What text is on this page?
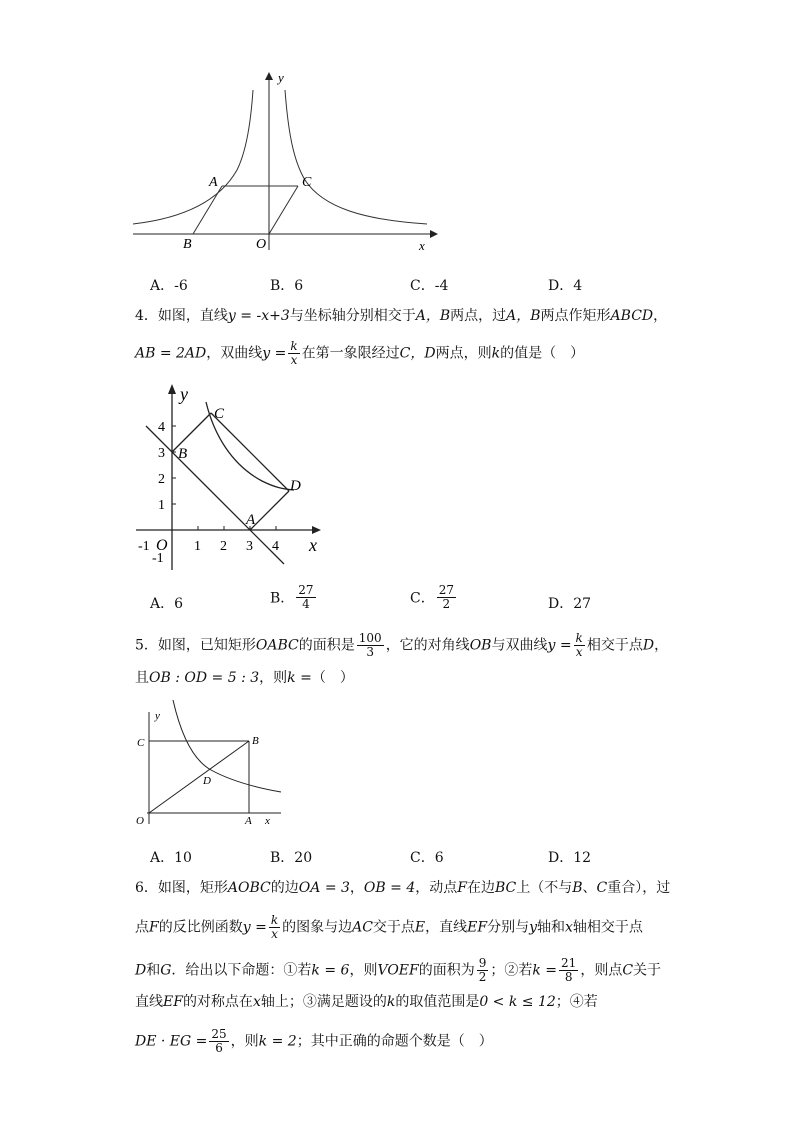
y
x
A	C
B	O
A．-6	B．6	C．-4	D．4
4．如图，直线y = -x+3与坐标轴分别相交于A，B两点，过A，B两点作矩形ABCD，
AB = 2AD，双曲线$y = \frac{k}{x}$ 在第一象限经过C，D两点，则k的值是（　）
y
x
O
A
B
C
D
-1	1 2 3 4
4
3
2
1
-1
A．6	B． $\frac{27}{4}$	C． $\frac{27}{2}$	D．27
5．如图，已知矩形OABC的面积是 $\frac{100}{3}$ ，它的对角线OB与双曲线$y = \frac{k}{x}$ 相交于点D，
且OB : OD = 5 : 3，则k =（　）
y
x
C	B
D
O	A
A．10	B．20	C．6	D．12
6．如图，矩形AOBC的边OA = 3，OB = 4，动点F在边BC上（不与B、C重合），过
点F的反比例函数$y = \frac{k}{x}$ 的图象与边AC交于点E，直线EF分别与y轴和x轴相交于点
D和G．给出以下命题：①若k = 6，则VOEF的面积为 $\frac{9}{2}$ ；②若$k = \frac{21}{8}$ ，则点C关于
直线EF的对称点在x轴上；③满足题设的k的取值范围是0 < k ≤ 12；④若
DE · EG = $\frac{25}{6}$ ，则k = 2；其中正确的命题个数是（　）
